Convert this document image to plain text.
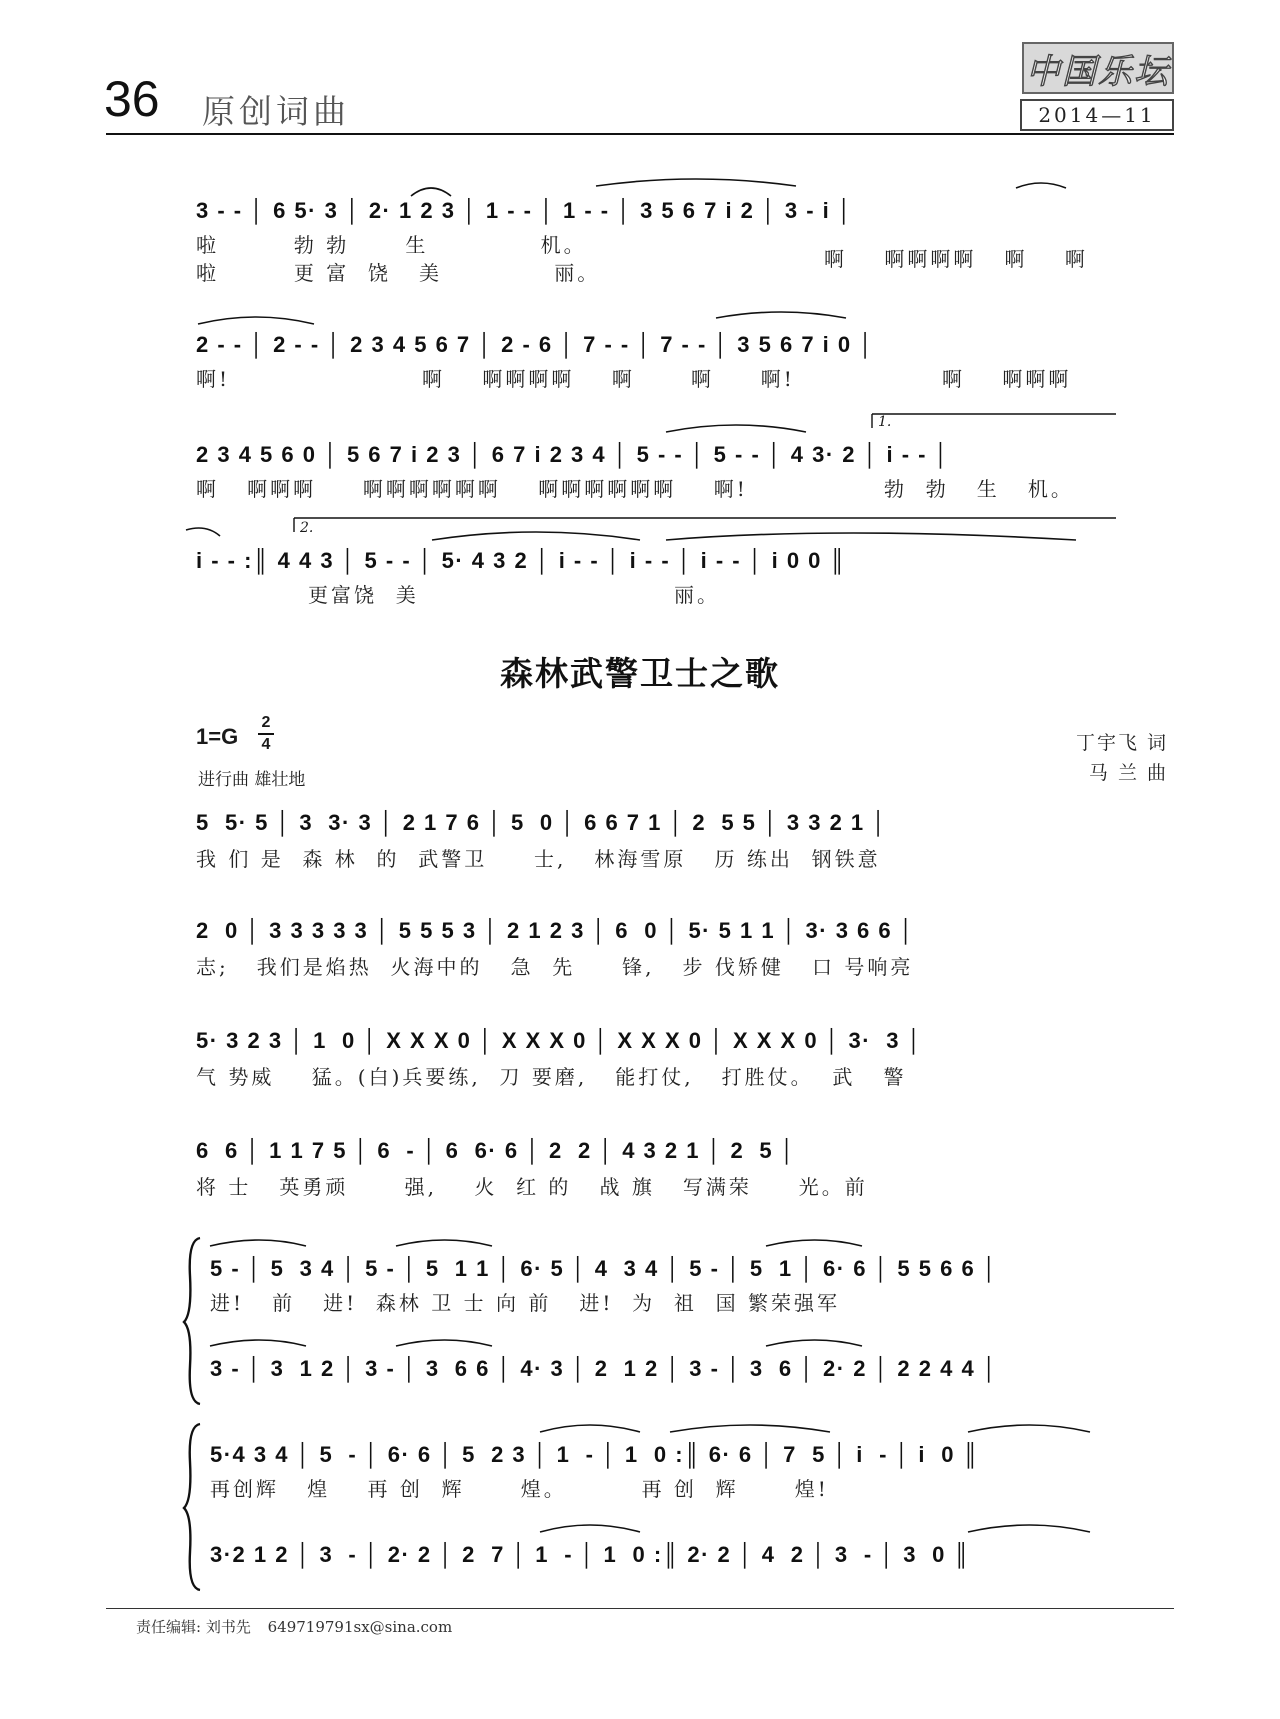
36 原创词曲
中国乐坛
2014—11
3 - - │ 6 5· 3 │ 2· 1 2 3 │ 1 - - │ 1 - - │ 3 5 6 7 i 2 │ 3 - i │
啦        勃 勃      生            机。
啦        更 富  饶   美            丽。
啊    啊啊啊啊   啊    啊
2 - - │ 2 - - │ 2 3 4 5 6 7 │ 2 - 6 │ 7 - - │ 7 - - │ 3 5 6 7 i 0 │
啊!	啊    啊啊啊啊    啊      啊     啊!	啊    啊啊啊
1.
2 3 4 5 6 0 │ 5 6 7 i 2 3 │ 6 7 i 2 3 4 │ 5 - - │ 5 - - │ 4 3· 2 │ i - - │
啊   啊啊啊     啊啊啊啊啊啊    啊啊啊啊啊啊    啊!	勃  勃   生   机。
2.
i - - :║ 4 4 3 │ 5 - - │ 5· 4 3 2 │ i - - │ i - - │ i - - │ i 0 0 ║
更富饶  美	丽。
森林武警卫士之歌
1=G
2
4
进行曲 雄壮地
丁宇飞 词
马 兰 曲
5  5· 5 │ 3  3· 3 │ 2 1 7 6 │ 5  0 │ 6 6 7 1 │ 2  5 5 │ 3 3 2 1 │
我 们 是  森 林  的  武警卫     士,   林海雪原   历 练出  钢铁意
2  0 │ 3 3 3 3 3 │ 5 5 5 3 │ 2 1 2 3 │ 6  0 │ 5· 5 1 1 │ 3· 3 6 6 │
志;   我们是焰热  火海中的   急  先     锋,   步 伐矫健   口 号响亮
5· 3 2 3 │ 1  0 │ X X X 0 │ X X X 0 │ X X X 0 │ X X X 0 │ 3·  3 │
气 势威    猛。(白)兵要练,  刀 要磨,   能打仗,   打胜仗。  武   警
6  6 │ 1 1 7 5 │ 6  - │ 6  6· 6 │ 2  2 │ 4 3 2 1 │ 2  5 │
将 士   英勇顽      强,    火  红 的   战 旗   写满荣     光。前
5 - │ 5  3 4 │ 5 - │ 5  1 1 │ 6· 5 │ 4  3 4 │ 5 - │ 5  1 │ 6· 6 │ 5 5 6 6 │
进!   前   进!  森林 卫 士 向 前   进!  为  祖  国 繁荣强军
3 - │ 3  1 2 │ 3 - │ 3  6 6 │ 4· 3 │ 2  1 2 │ 3 - │ 3  6 │ 2· 2 │ 2 2 4 4 │
5·4 3 4 │ 5  - │ 6· 6 │ 5  2 3 │ 1  - │ 1  0 :║ 6· 6 │ 7  5 │ i  - │ i  0 ║
再创辉   煌    再 创  辉      煌。        再 创  辉      煌!
3·2 1 2 │ 3  - │ 2· 2 │ 2  7 │ 1  - │ 1  0 :║ 2· 2 │ 4  2 │ 3  - │ 3  0 ║
责任编辑: 刘书先 649719791sx@sina.com
